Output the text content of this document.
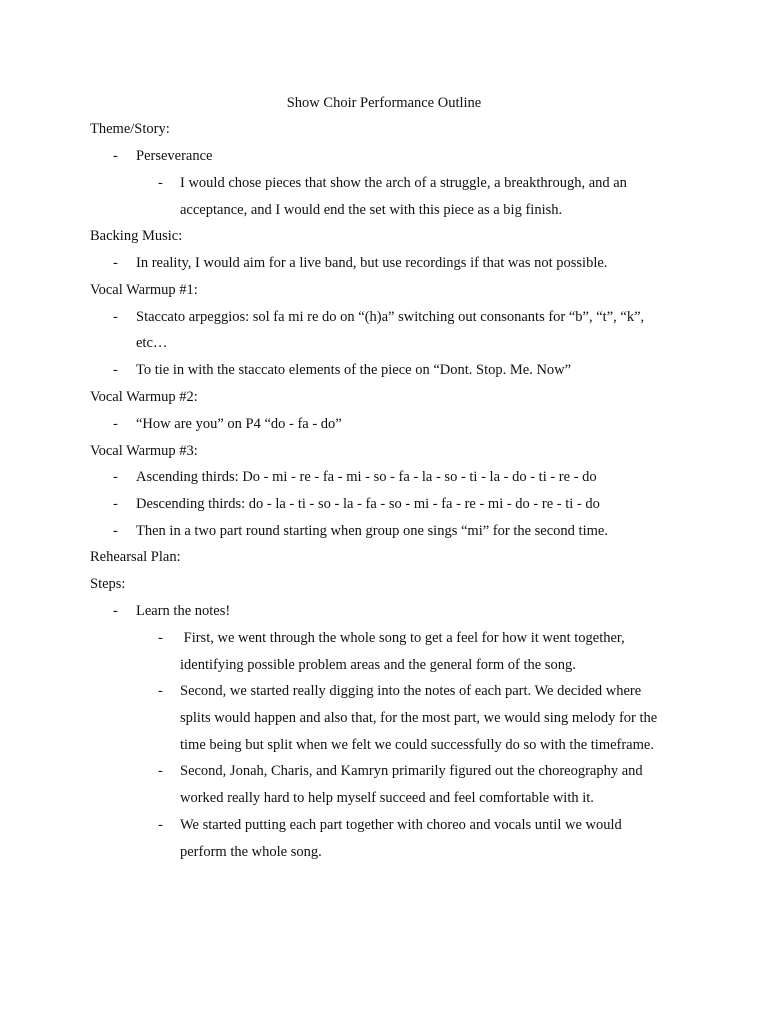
Show Choir Performance Outline
Theme/Story:
- Perseverance
- I would chose pieces that show the arch of a struggle, a breakthrough, and an
acceptance, and I would end the set with this piece as a big finish.
Backing Music:
- In reality, I would aim for a live band, but use recordings if that was not possible.
Vocal Warmup #1:
- Staccato arpeggios: sol fa mi re do on “(h)a” switching out consonants for “b”, “t”, “k”,
etc…
- To tie in with the staccato elements of the piece on “Dont. Stop. Me. Now”
Vocal Warmup #2:
- “How are you” on P4 “do - fa - do”
Vocal Warmup #3:
- Ascending thirds: Do - mi - re - fa - mi - so - fa - la - so - ti - la - do - ti - re - do
- Descending thirds: do - la - ti - so - la - fa - so - mi - fa - re - mi - do - re - ti - do
- Then in a two part round starting when group one sings “mi” for the second time.
Rehearsal Plan:
Steps:
- Learn the notes!
- First, we went through the whole song to get a feel for how it went together,
identifying possible problem areas and the general form of the song.
- Second, we started really digging into the notes of each part. We decided where
splits would happen and also that, for the most part, we would sing melody for the
time being but split when we felt we could successfully do so with the timeframe.
- Second, Jonah, Charis, and Kamryn primarily figured out the choreography and
worked really hard to help myself succeed and feel comfortable with it.
- We started putting each part together with choreo and vocals until we would
perform the whole song.
